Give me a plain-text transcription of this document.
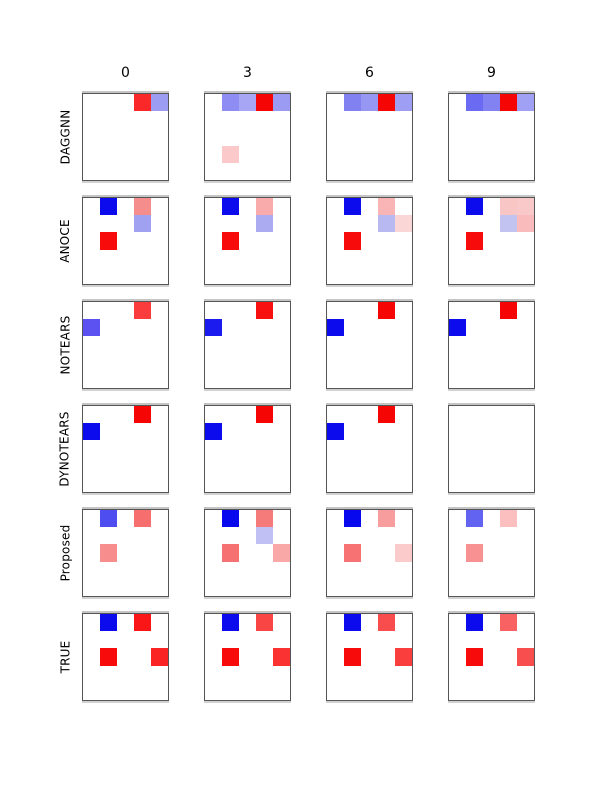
0	3	6	9
DAGGNN
ANOCE
NOTEARS
DYNOTEARS
Proposed
TRUE
